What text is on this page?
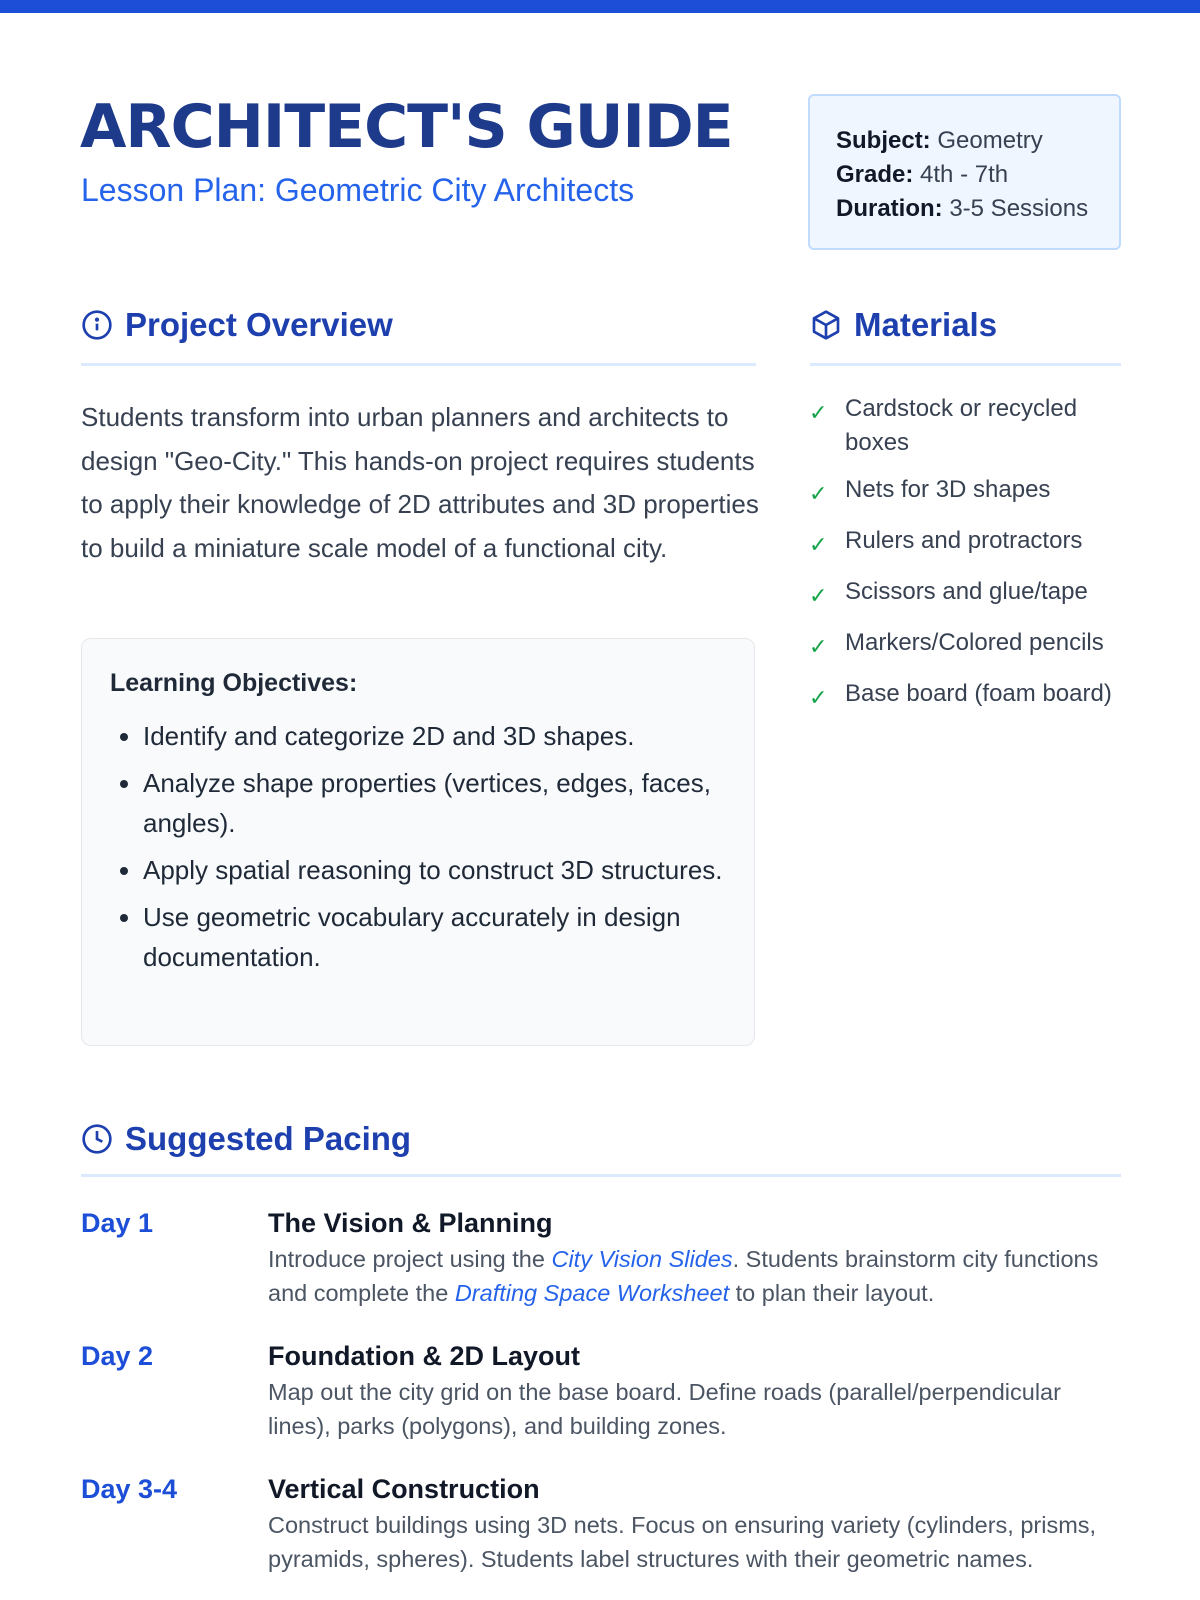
ARCHITECT'S GUIDE
Lesson Plan: Geometric City Architects
Subject: Geometry
Grade: 4th - 7th
Duration: 3-5 Sessions
Project Overview	Materials

Students transform into urban planners and architects to design "Geo-City." This hands-on project requires students to apply their knowledge of 2D attributes and 3D properties to build a miniature scale model of a functional city.

Learning Objectives:
• Identify and categorize 2D and 3D shapes.
• Analyze shape properties (vertices, edges, faces, angles).
• Apply spatial reasoning to construct 3D structures.
• Use geometric vocabulary accurately in design documentation.
✓ Cardstock or recycled boxes
✓ Nets for 3D shapes
✓ Rulers and protractors
✓ Scissors and glue/tape
✓ Markers/Colored pencils
✓ Base board (foam board)
Suggested Pacing
Day 1	The Vision & Planning

Introduce project using the City Vision Slides. Students brainstorm city functions and complete the Drafting Space Worksheet to plan their layout.

Day 2	Foundation & 2D Layout

Map out the city grid on the base board. Define roads (parallel/perpendicular lines), parks (polygons), and building zones.

Day 3-4	Vertical Construction

Construct buildings using 3D nets. Focus on ensuring variety (cylinders, prisms, pyramids, spheres). Students label structures with their geometric names.
